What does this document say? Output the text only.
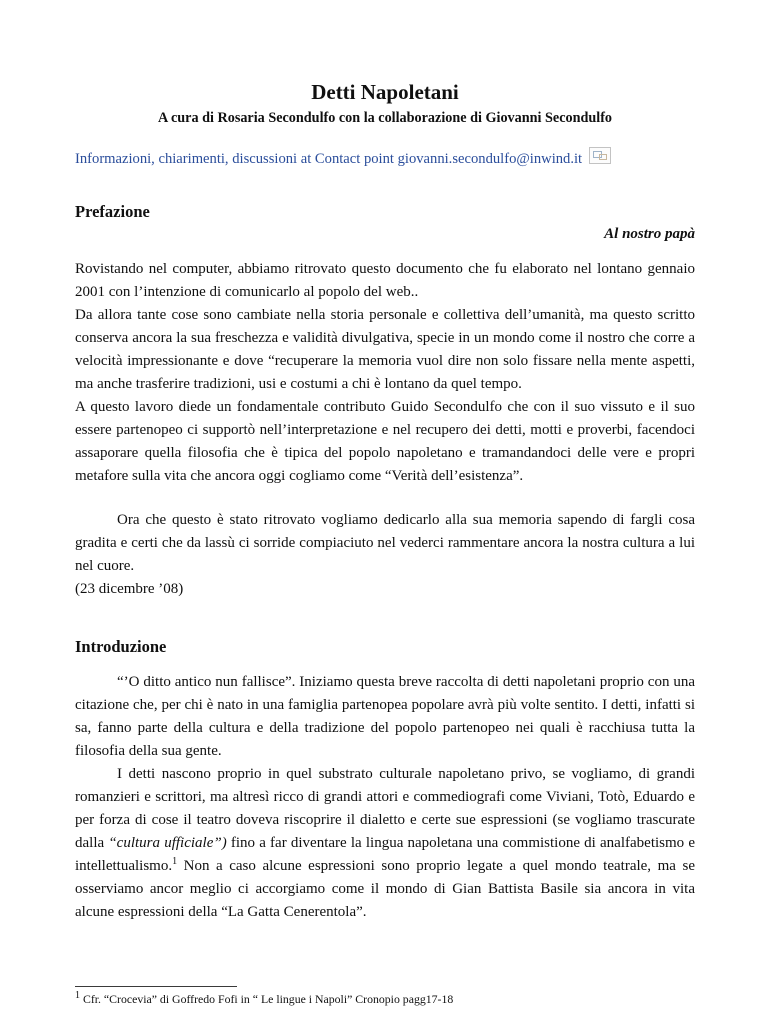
Detti Napoletani
A cura di Rosaria Secondulfo con la collaborazione di Giovanni Secondulfo
Informazioni, chiarimenti, discussioni at Contact point giovanni.secondulfo@inwind.it
Prefazione

Al nostro papà

Rovistando nel computer, abbiamo ritrovato questo documento che fu elaborato nel lontano gennaio 2001 con l’intenzione di comunicarlo al popolo del web..

Da allora tante cose sono cambiate nella storia personale e collettiva dell’umanità, ma questo scritto conserva ancora la sua freschezza e validità divulgativa, specie in un mondo come il nostro che corre a velocità impressionante e dove “recuperare la memoria vuol dire non solo fissare nella mente aspetti, ma anche trasferire tradizioni, usi e costumi a chi è lontano da quel tempo.

A questo lavoro diede un fondamentale contributo Guido Secondulfo che con il suo vissuto e il suo essere partenopeo ci supportò nell’interpretazione e nel recupero dei detti, motti e proverbi, facendoci assaporare quella filosofia che è tipica del popolo napoletano e tramandandoci delle vere e propri metafore sulla vita che ancora oggi cogliamo come “Verità dell’esistenza”.

Ora che questo è stato ritrovato vogliamo dedicarlo alla sua memoria sapendo di fargli cosa gradita e certi che da lassù ci sorride compiaciuto nel vederci rammentare ancora la nostra cultura a lui nel cuore.

(23 dicembre ’08)

Introduzione

“’O ditto antico nun fallisce”. Iniziamo questa breve raccolta di detti napoletani proprio con una citazione che, per chi è nato in una famiglia partenopea popolare avrà più volte sentito. I detti, infatti si sa, fanno parte della cultura e della tradizione del popolo partenopeo nei quali è racchiusa tutta la filosofia della sua gente.

I detti nascono proprio in quel substrato culturale napoletano privo, se vogliamo, di grandi romanzieri e scrittori, ma altresì ricco di grandi attori e commediografi come Viviani, Totò, Eduardo e per forza di cose il teatro doveva riscoprire il dialetto e certe sue espressioni (se vogliamo trascurate dalla “cultura ufficiale”) fino a far diventare la lingua napoletana una commistione di analfabetismo e intellettualismo.$^1$ Non a caso alcune espressioni sono proprio legate a quel mondo teatrale, ma se osserviamo ancor meglio ci accorgiamo come il mondo di Gian Battista Basile sia ancora in vita alcune espressioni della “La Gatta Cenerentola”.

$^1$ Cfr. “Crocevia” di Goffredo Fofi in “ Le lingue i Napoli” Cronopio pagg17-18
